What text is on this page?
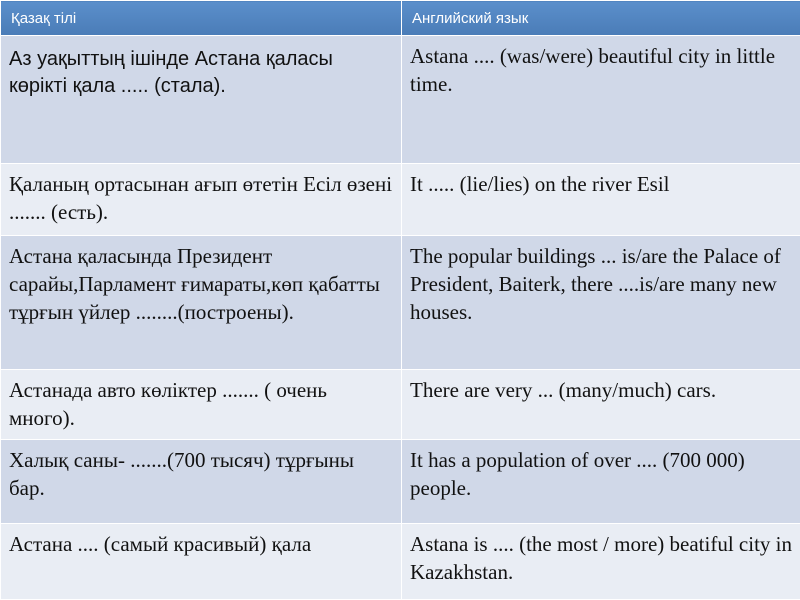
Қазақ тілі	Английский язык
Аз уақыттың ішінде Астана қаласы көрікті қала ..... (стала).	Astana .... (was/were) beautiful city in little time.
Қаланың ортасынан ағып өтетін Есіл өзені ....... (есть).	It ..... (lie/lies) on the river Esil
Астана қаласында Президент сарайы,Парламент ғимараты,көп қабатты тұрғын үйлер ........(построены).	The popular buildings ... is/are the Palace of President, Baiterk, there ....is/are many new houses.
Астанада авто көліктер ....... ( очень много).	There are very ... (many/much) cars.
Халық саны- .......(700 тысяч) тұрғыны бар.	It has a population of over .... (700 000) people.
Астана .... (самый красивый) қала	Astana is .... (the most / more) beatiful city in Kazakhstan.
